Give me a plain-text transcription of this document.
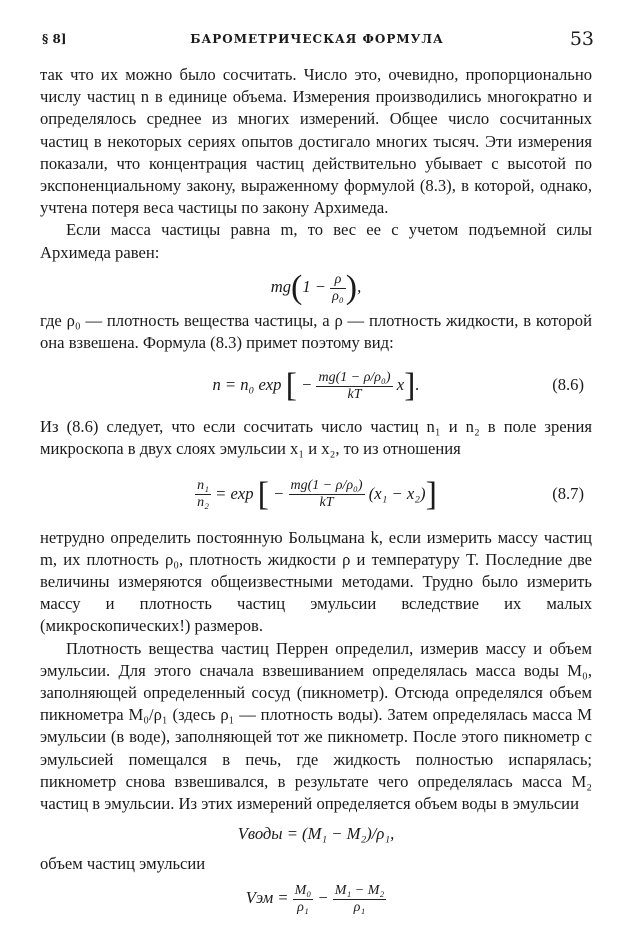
§ 8]	БАРОМЕТРИЧЕСКАЯ ФОРМУЛА	53

так что их можно было сосчитать. Число это, очевидно, пропорционально числу частиц n в единице объема. Измерения производились многократно и определялось среднее из многих измерений. Общее число сосчитанных частиц в некоторых сериях опытов достигало многих тысяч. Эти измерения показали, что концентрация частиц действительно убывает с высотой по экспоненциальному закону, выраженному формулой (8.3), в которой, однако, учтена потеря веса частицы по закону Архимеда.

Если масса частицы равна m, то вес ее с учетом подъемной силы Архимеда равен:

$mg(1 - \frac{\rho}{\text{ρ₀}}$ ),

где ρ₀ — плотность вещества частицы, а ρ — плотность жидкости, в которой она взвешена. Формула (8.3) примет поэтому вид:

n = n₀ exp [ − $\frac{\text{mg(1 − ρ/ρ₀)}}{kT} x$].	(8.6)

Из (8.6) следует, что если сосчитать число частиц n₁ и n₂ в поле зрения микроскопа в двух слоях эмульсии x₁ и x₂, то из отношения

$\frac{\text{n₁}}{\text{n₂}} = \exp$ [ − $\frac{\text{mg(1 − ρ/ρ₀)}}{kT} (x_1 - x_2)$]	(8.7)

нетрудно определить постоянную Больцмана k, если измерить массу частиц m, их плотность ρ₀, плотность жидкости ρ и температуру T. Последние две величины измеряются общеизвестными методами. Трудно было измерить массу и плотность частиц эмульсии вследствие их малых (микроскопических!) размеров.

Плотность вещества частиц Перрен определил, измерив массу и объем эмульсии. Для этого сначала взвешиванием определялась масса воды M₀, заполняющей определенный сосуд (пикнометр). Отсюда определялся объем пикнометра M₀/ρ₁ (здесь ρ₁ — плотность воды). Затем определялась масса M эмульсии (в воде), заполняющей тот же пикнометр. После этого пикнометр с эмульсией помещался в печь, где жидкость полностью испарялась; пикнометр снова взвешивался, в результате чего определялась масса M₂ частиц в эмульсии. Из этих измерений определяется объем воды в эмульсии

Vводы = (M₁ − M₂)/ρ₁,

объем частиц эмульсии

Vэм = $\frac{\text{M₀}}{\text{ρ₁}} - \frac{\text{M₁ − M₂}}{\text{ρ₁}}$
